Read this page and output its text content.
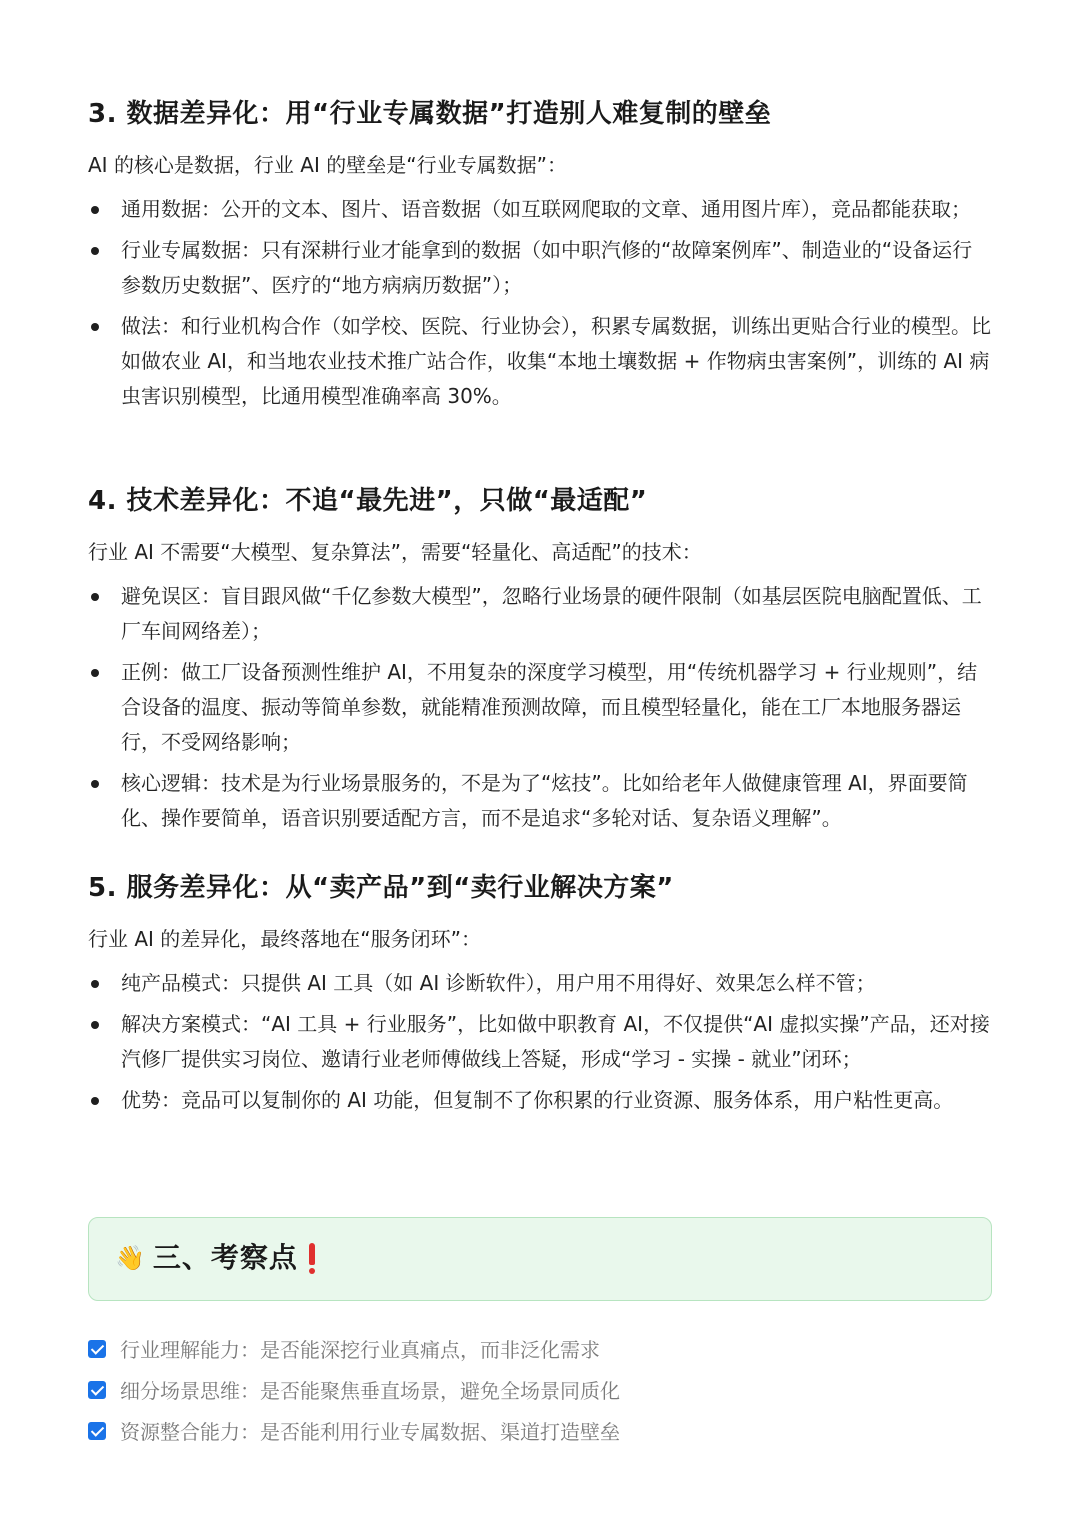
3. 数据差异化：用“行业专属数据”打造别人难复制的壁垒

AI 的核心是数据，行业 AI 的壁垒是“行业专属数据”：

通用数据：公开的文本、图片、语音数据（如互联网爬取的文章、通用图片库），竞品都能获取；
行业专属数据：只有深耕行业才能拿到的数据（如中职汽修的“故障案例库”、制造业的“设备运行参数历史数据”、医疗的“地方病病历数据”）；
做法：和行业机构合作（如学校、医院、行业协会），积累专属数据，训练出更贴合行业的模型。比如做农业 AI，和当地农业技术推广站合作，收集“本地土壤数据 + 作物病虫害案例”，训练的 AI 病虫害识别模型，比通用模型准确率高 30%。
4. 技术差异化：不追“最先进”，只做“最适配”

行业 AI 不需要“大模型、复杂算法”，需要“轻量化、高适配”的技术：

避免误区：盲目跟风做“千亿参数大模型”，忽略行业场景的硬件限制（如基层医院电脑配置低、工厂车间网络差）；
正例：做工厂设备预测性维护 AI，不用复杂的深度学习模型，用“传统机器学习 + 行业规则”，结合设备的温度、振动等简单参数，就能精准预测故障，而且模型轻量化，能在工厂本地服务器运行，不受网络影响；
核心逻辑：技术是为行业场景服务的，不是为了“炫技”。比如给老年人做健康管理 AI，界面要简化、操作要简单，语音识别要适配方言，而不是追求“多轮对话、复杂语义理解”。
5. 服务差异化：从“卖产品”到“卖行业解决方案”

行业 AI 的差异化，最终落地在“服务闭环”：

纯产品模式：只提供 AI 工具（如 AI 诊断软件），用户用不用得好、效果怎么样不管；
解决方案模式：“AI 工具 + 行业服务”，比如做中职教育 AI，不仅提供“AI 虚拟实操”产品，还对接汽修厂提供实习岗位、邀请行业老师傅做线上答疑，形成“学习 - 实操 - 就业”闭环；
优势：竞品可以复制你的 AI 功能，但复制不了你积累的行业资源、服务体系，用户粘性更高。
👋 三、考察点
行业理解能力：是否能深挖行业真痛点，而非泛化需求
细分场景思维：是否能聚焦垂直场景，避免全场景同质化
资源整合能力：是否能利用行业专属数据、渠道打造壁垒
